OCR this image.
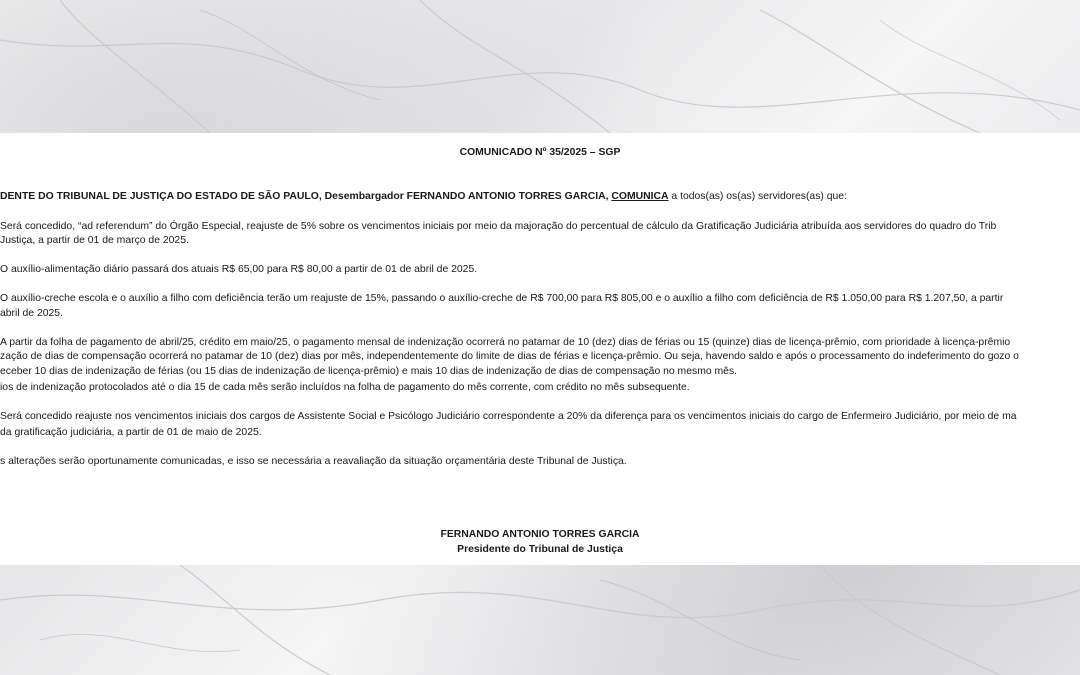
COMUNICADO Nº 35/2025 – SGP
DENTE DO TRIBUNAL DE JUSTIÇA DO ESTADO DE SÃO PAULO, Desembargador FERNANDO ANTONIO TORRES GARCIA, COMUNICA a todos(as) os(as) servidores(as) que:
Será concedido, “ad referendum” do Órgão Especial, reajuste de 5% sobre os vencimentos iniciais por meio da majoração do percentual de cálculo da Gratificação Judiciária atribuída aos servidores do quadro do Trib
Justiça, a partir de 01 de março de 2025.
O auxílio-alimentação diário passará dos atuais R$ 65,00 para R$ 80,00 a partir de 01 de abril de 2025.
O auxílio-creche escola e o auxílio a filho com deficiência terão um reajuste de 15%, passando o auxílio-creche de R$ 700,00 para R$ 805,00 e o auxílio a filho com deficiência de R$ 1.050,00 para R$ 1.207,50, a partir
abril de 2025.
A partir da folha de pagamento de abril/25, crédito em maio/25, o pagamento mensal de indenização ocorrerá no patamar de 10 (dez) dias de férias ou 15 (quinze) dias de licença-prêmio, com prioridade à licença-prêmio
zação de dias de compensação ocorrerá no patamar de 10 (dez) dias por mês, independentemente do limite de dias de férias e licença-prêmio. Ou seja, havendo saldo e após o processamento do indeferimento do gozo o
eceber 10 dias de indenização de férias (ou 15 dias de indenização de licença-prêmio) e mais 10 dias de indenização de dias de compensação no mesmo mês.
ios de indenização protocolados até o dia 15 de cada mês serão incluídos na folha de pagamento do mês corrente, com crédito no mês subsequente.
Será concedido reajuste nos vencimentos iniciais dos cargos de Assistente Social e Psicólogo Judiciário correspondente a 20% da diferença para os vencimentos iniciais do cargo de Enfermeiro Judiciário, por meio de ma
da gratificação judiciária, a partir de 01 de maio de 2025.
s alterações serão oportunamente comunicadas, e isso se necessária a reavaliação da situação orçamentária deste Tribunal de Justiça.
FERNANDO ANTONIO TORRES GARCIA
Presidente do Tribunal de Justiça
